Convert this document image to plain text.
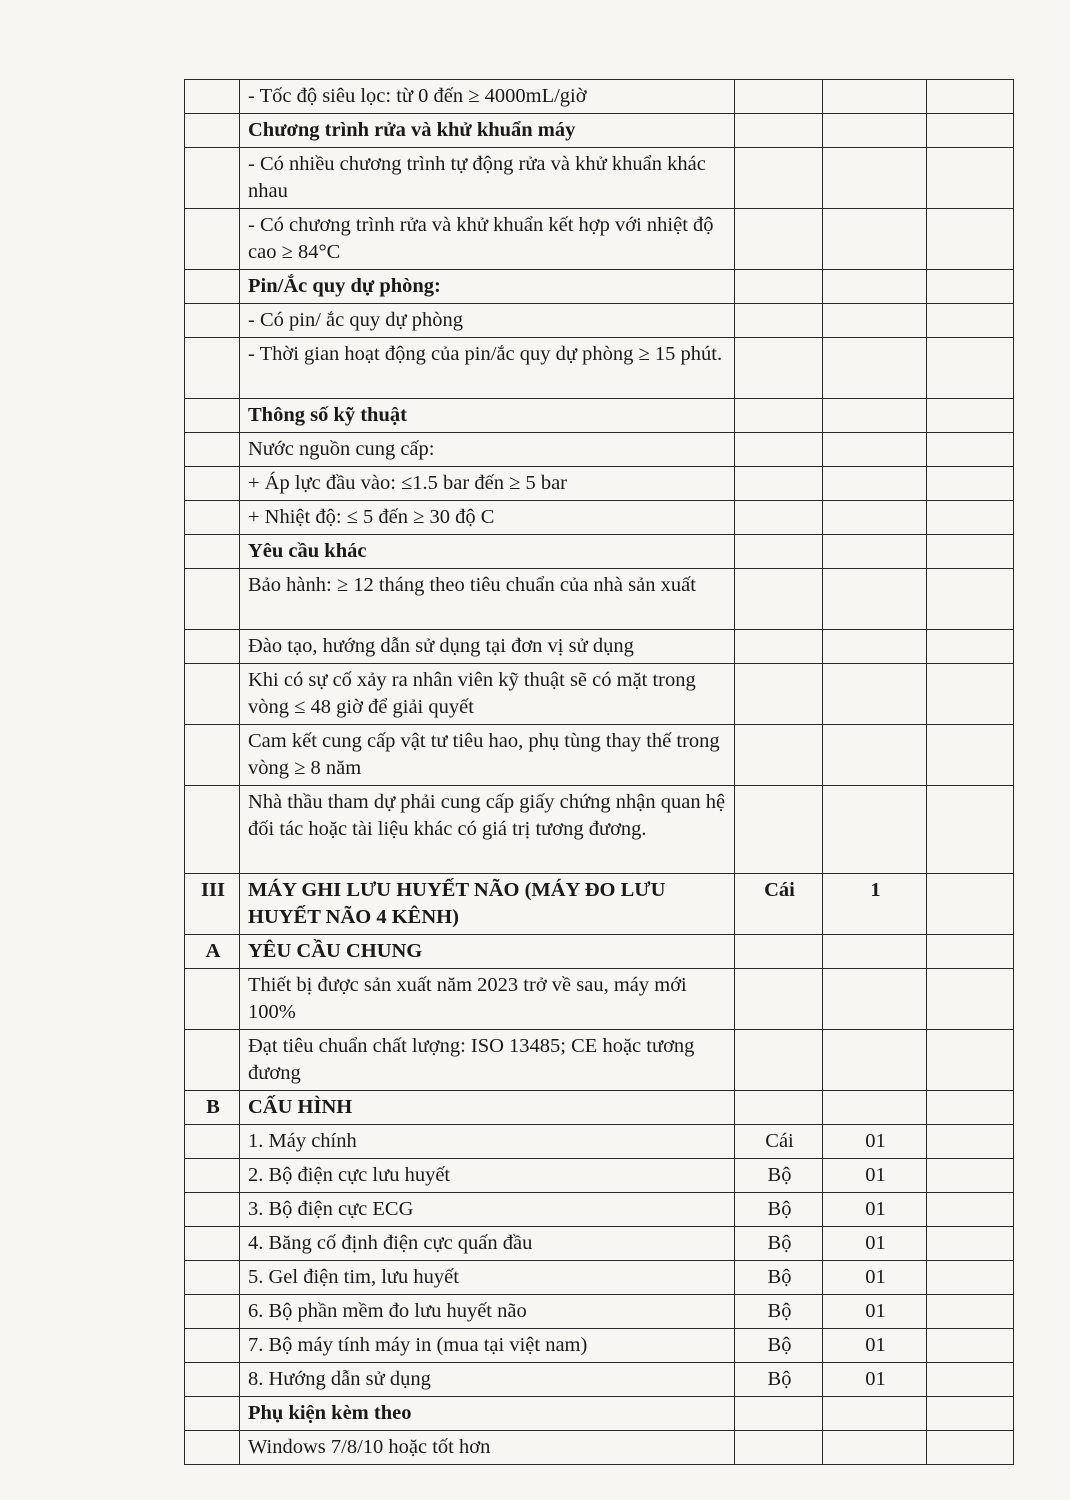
	- Tốc độ siêu lọc: từ 0 đến ≥ 4000mL/giờ			
	Chương trình rửa và khử khuẩn máy			
	- Có nhiều chương trình tự động rửa và khử khuẩn khác nhau			
	- Có chương trình rửa và khử khuẩn kết hợp với nhiệt độ cao ≥ 84°C			
	Pin/Ắc quy dự phòng:			
	- Có pin/ ắc quy dự phòng			
	- Thời gian hoạt động của pin/ắc quy dự phòng ≥ 15 phút.			
	Thông số kỹ thuật			
	Nước nguồn cung cấp:			
	+ Áp lực đầu vào: ≤1.5 bar đến ≥ 5 bar			
	+ Nhiệt độ: ≤ 5 đến ≥ 30 độ C			
	Yêu cầu khác			
	Bảo hành: ≥ 12 tháng theo tiêu chuẩn của nhà sản xuất			
	Đào tạo, hướng dẫn sử dụng tại đơn vị sử dụng			
	Khi có sự cố xảy ra nhân viên kỹ thuật sẽ có mặt trong vòng ≤ 48 giờ để giải quyết			
	Cam kết cung cấp vật tư tiêu hao, phụ tùng thay thế trong vòng ≥ 8 năm			
	Nhà thầu tham dự phải cung cấp giấy chứng nhận quan hệ đối tác hoặc tài liệu khác có giá trị tương đương.			
III	MÁY GHI LƯU HUYẾT NÃO (MÁY ĐO LƯU HUYẾT NÃO 4 KÊNH)	Cái	1	
A	YÊU CẦU CHUNG			
	Thiết bị được sản xuất năm 2023 trở về sau, máy mới 100%			
	Đạt tiêu chuẩn chất lượng: ISO 13485; CE hoặc tương đương			
B	CẤU HÌNH			
	1. Máy chính	Cái	01	
	2. Bộ điện cực lưu huyết	Bộ	01	
	3. Bộ điện cực ECG	Bộ	01	
	4. Băng cố định điện cực quấn đầu	Bộ	01	
	5. Gel điện tim, lưu huyết	Bộ	01	
	6. Bộ phần mềm đo lưu huyết não	Bộ	01	
	7. Bộ máy tính máy in (mua tại việt nam)	Bộ	01	
	8. Hướng dẫn sử dụng	Bộ	01	
	Phụ kiện kèm theo			
	Windows 7/8/10 hoặc tốt hơn			
